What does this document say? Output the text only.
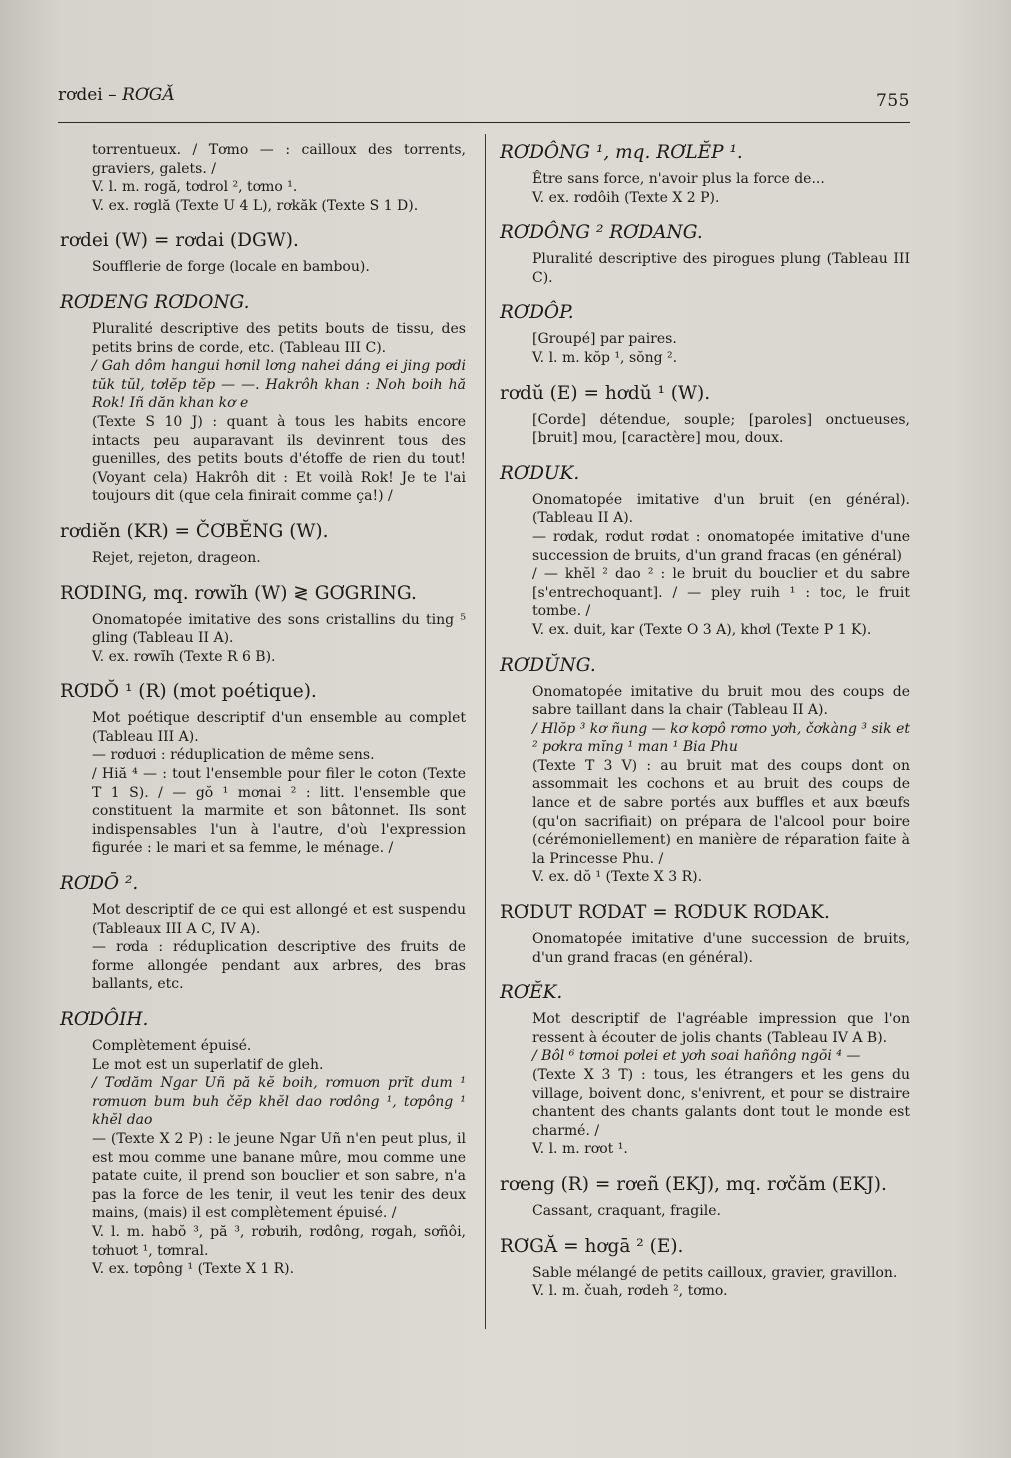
rơdei – RƠGĂ	755
torrentueux. / Tơmo — : cailloux des torrents, graviers, galets. /
V. l. m. rogă, tơdrol ², tơmo ¹.
V. ex. rơglă (Texte U 4 L), rơkăk (Texte S 1 D).
rơdei (W) = rơdai (DGW).
Soufflerie de forge (locale en bambou).
RƠDENG RƠDONG.
Pluralité descriptive des petits bouts de tissu, des petits brins de corde, etc. (Tableau III C).
/ Gah dôm hangui hơnil lơng nahei dáng ei jing pơdi tŭk tŭl, tơlĕp tĕp — —. Hakrôh khan : Noh boih hă Rok! Iñ dăn khan kơ e
(Texte S 10 J) : quant à tous les habits encore intacts peu auparavant ils devinrent tous des guenilles, des petits bouts d'étoffe de rien du tout! (Voyant cela) Hakrôh dit : Et voilà Rok! Je te l'ai toujours dit (que cela finirait comme ça!) /
rơdiĕn (KR) = ČƠBĔNG (W).
Rejet, rejeton, drageon.
RƠDING, mq. rơwĭh (W) ≷ GƠGRING.
Onomatopée imitative des sons cristallins du ting ⁵ gling (Tableau II A).
V. ex. rơwĭh (Texte R 6 B).
RƠDŎ ¹ (R) (mot poétique).
Mot poétique descriptif d'un ensemble au complet (Tableau III A).
— rơduơi : réduplication de même sens.
/ Hiă ⁴ — : tout l'ensemble pour filer le coton (Texte T 1 S). / — gŏ ¹ mơnai ² : litt. l'ensemble que constituent la marmite et son bâtonnet. Ils sont indispensables l'un à l'autre, d'où l'expression figurée : le mari et sa femme, le ménage. /
RƠDŌ ².
Mot descriptif de ce qui est allongé et est suspendu (Tableaux III A C, IV A).
— rơda : réduplication descriptive des fruits de forme allongée pendant aux arbres, des bras ballants, etc.
RƠDÔIH.
Complètement épuisé.
Le mot est un superlatif de gleh.
/ Tơdăm Ngar Uñ pă kĕ boih, rơmuơn prĭt dum ¹ rơmuơn bum buh čĕp khĕl dao rơdông ¹, tơpông ¹ khĕl dao
— (Texte X 2 P) : le jeune Ngar Uñ n'en peut plus, il est mou comme une banane mûre, mou comme une patate cuite, il prend son bouclier et son sabre, n'a pas la force de les tenir, il veut les tenir des deux mains, (mais) il est complètement épuisé. /
V. l. m. habŏ ³, pă ³, rơbưih, rơdông, rơgah, sơñôi, tơhuơt ¹, tơmral.
V. ex. tơpông ¹ (Texte X 1 R).
RƠDÔNG ¹, mq. RƠLĔP ¹.
Être sans force, n'avoir plus la force de...
V. ex. rơdôih (Texte X 2 P).
RƠDÔNG ² RƠDANG.
Pluralité descriptive des pirogues plung (Tableau III C).
RƠDÔP.
[Groupé] par paires.
V. l. m. kŏp ¹, sŏng ².
rơdŭ (E) = hơdŭ ¹ (W).
[Corde] détendue, souple; [paroles] onctueuses, [bruit] mou, [caractère] mou, doux.
RƠDUK.
Onomatopée imitative d'un bruit (en général). (Tableau II A).
— rơdak, rơdut rơdat : onomatopée imitative d'une succession de bruits, d'un grand fracas (en général)
/ — khĕl ² dao ² : le bruit du bouclier et du sabre [s'entrechoquant]. / — pley ruih ¹ : toc, le fruit tombe. /
V. ex. duit, kar (Texte O 3 A), khơl (Texte P 1 K).
RƠDŬNG.
Onomatopée imitative du bruit mou des coups de sabre taillant dans la chair (Tableau II A).
/ Hlŏp ³ kơ ñung — kơ kơpô rơmo yơh, čơkàng ³ sik et ² pơkra mĭng ¹ man ¹ Bia Phu
(Texte T 3 V) : au bruit mat des coups dont on assommait les cochons et au bruit des coups de lance et de sabre portés aux buffles et aux bœufs (qu'on sacrifiait) on prépara de l'alcool pour boire (cérémoniellement) en manière de réparation faite à la Princesse Phu. /
V. ex. dŏ ¹ (Texte X 3 R).
RƠDUT RƠDAT = RƠDUK RƠDAK.
Onomatopée imitative d'une succession de bruits, d'un grand fracas (en général).
RƠĔK.
Mot descriptif de l'agréable impression que l'on ressent à écouter de jolis chants (Tableau IV A B).
/ Bôl ⁶ tơmoi pơlei et yơh soai hañông ngŏi ⁴ —
(Texte X 3 T) : tous, les étrangers et les gens du village, boivent donc, s'enivrent, et pour se distraire chantent des chants galants dont tout le monde est charmé. /
V. l. m. rơot ¹.
rơeng (R) = rơeñ (EKJ), mq. rơčăm (EKJ).
Cassant, craquant, fragile.
RƠGĂ = hơgā ² (E).
Sable mélangé de petits cailloux, gravier, gravillon.
V. l. m. čuah, rơdeh ², tơmo.
